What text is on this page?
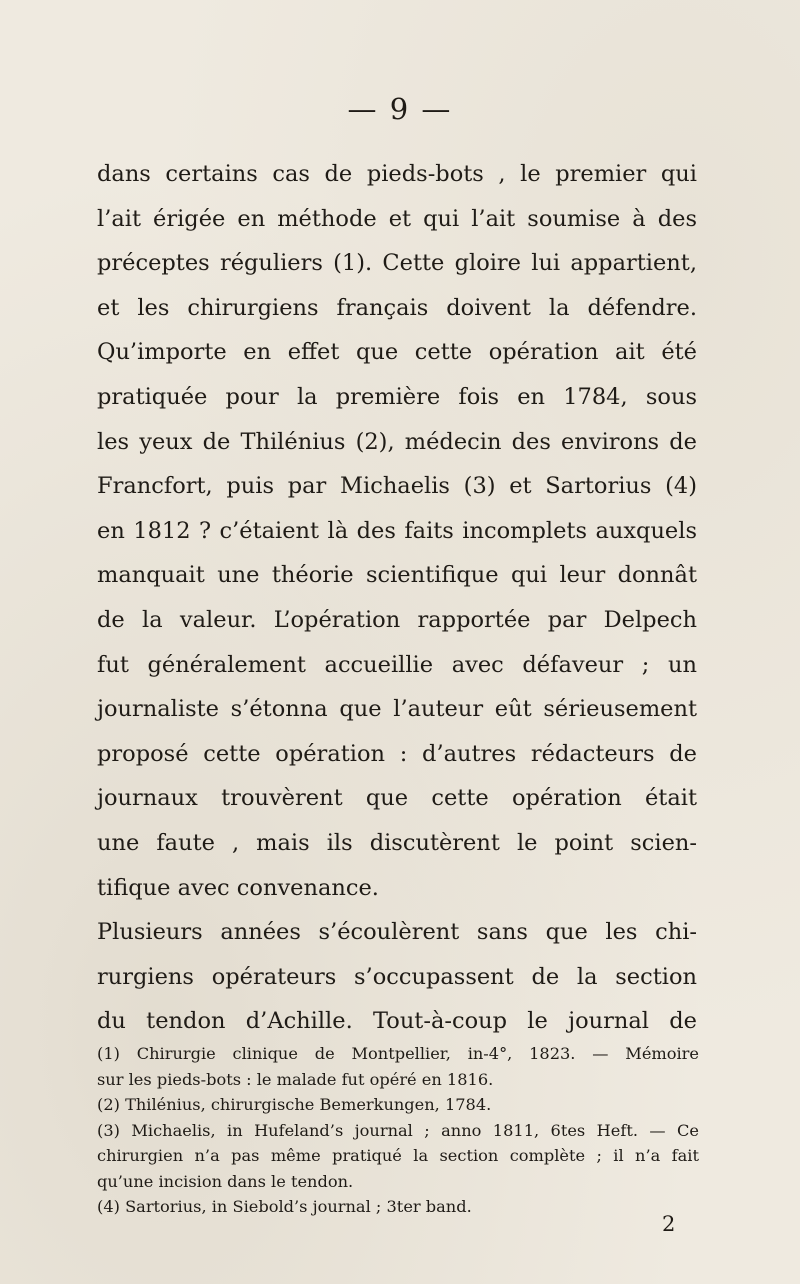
— 9 —
dans certains cas de pieds-bots , le premier qui
l’ait érigée en méthode et qui l’ait soumise à des
préceptes réguliers (1). Cette gloire lui appartient,
et les chirurgiens français doivent la défendre.
Qu’importe en effet que cette opération ait été
pratiquée pour la première fois en 1784, sous
les yeux de Thilénius (2), médecin des environs de
Francfort, puis par Michaelis (3) et Sartorius (4)
en 1812 ? c’étaient là des faits incomplets auxquels
manquait une théorie scientifique qui leur donnât
de la valeur. L’opération rapportée par Delpech
fut généralement accueillie avec défaveur ; un
journaliste s’étonna que l’auteur eût sérieusement
proposé cette opération : d’autres rédacteurs de
journaux trouvèrent que cette opération était
une faute , mais ils discutèrent le point scien-
tifique avec convenance.
Plusieurs années s’écoulèrent sans que les chi-
rurgiens opérateurs s’occupassent de la section
du tendon d’Achille. Tout-à-coup le journal de
(1) Chirurgie clinique de Montpellier, in-4°, 1823. — Mémoire
sur les pieds-bots : le malade fut opéré en 1816.
(2) Thilénius, chirurgische Bemerkungen, 1784.
(3) Michaelis, in Hufeland’s journal ; anno 1811, 6tes Heft. — Ce
chirurgien n’a pas même pratiqué la section complète ; il n’a fait
qu’une incision dans le tendon.
(4) Sartorius, in Siebold’s journal ; 3ter band.
2
